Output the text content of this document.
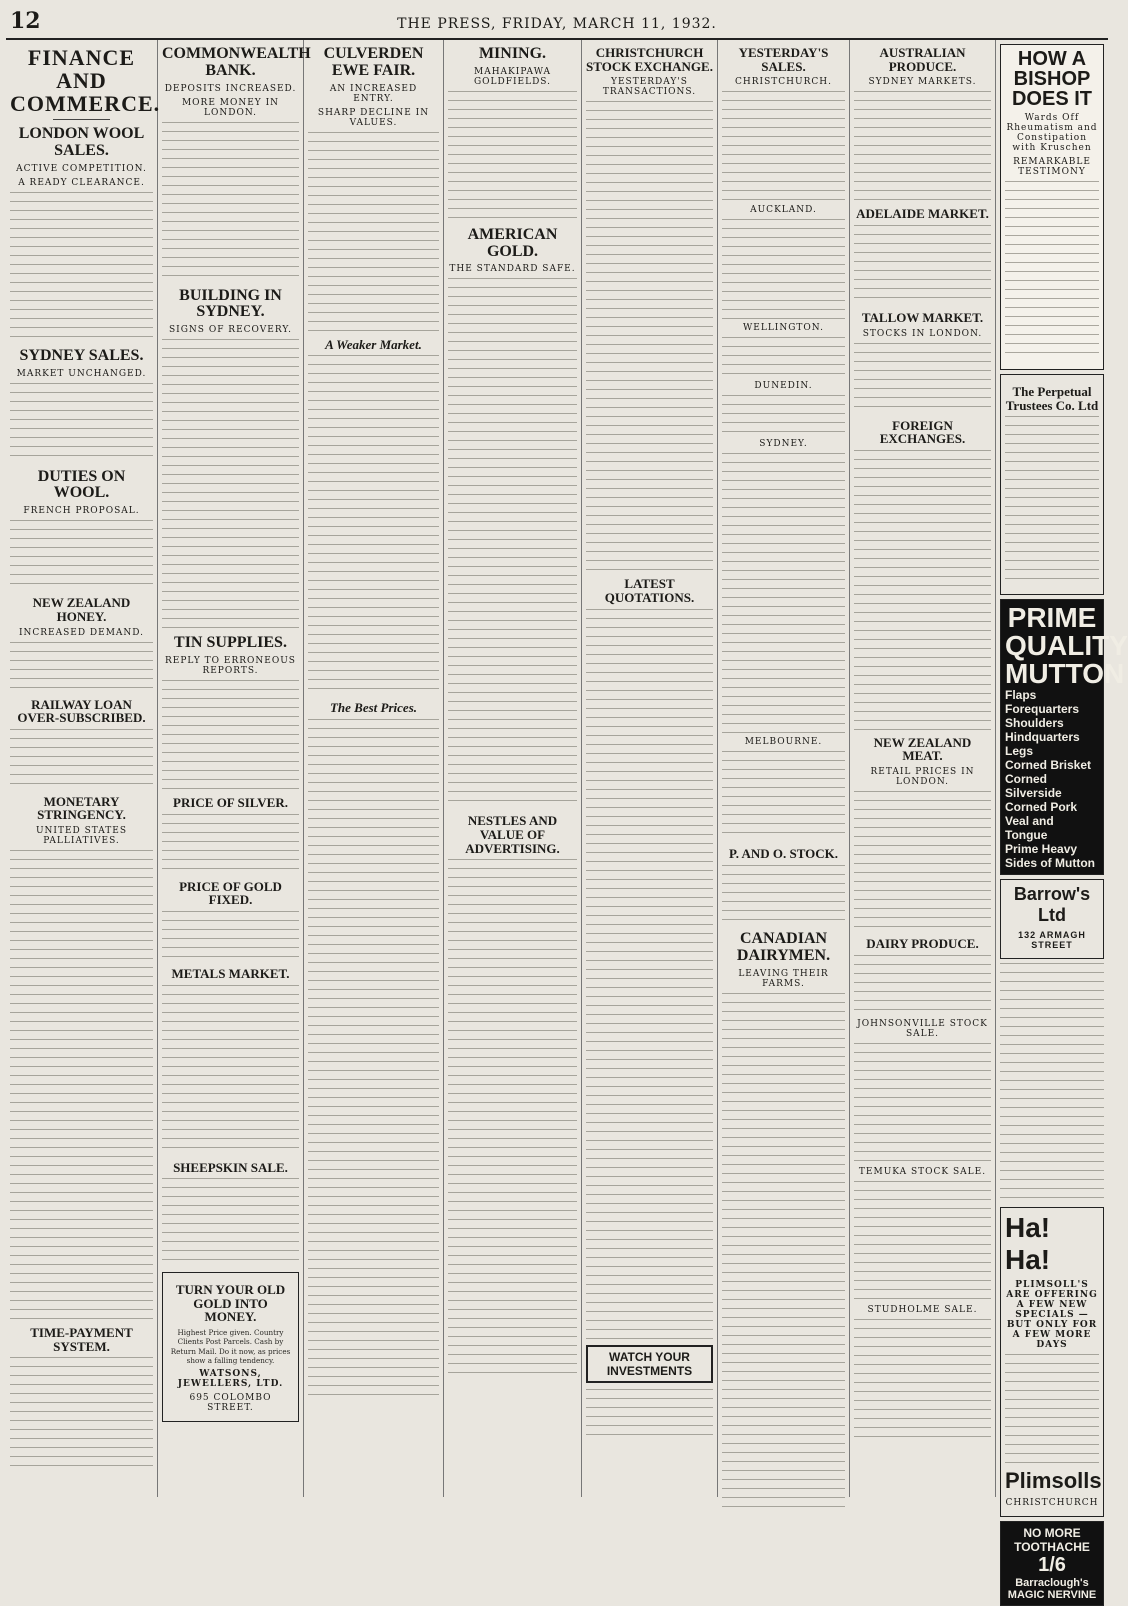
12	THE PRESS, FRIDAY, MARCH 11, 1932.
FINANCE AND COMMERCE.
LONDON WOOL SALES.
ACTIVE COMPETITION.
A READY CLEARANCE.
SYDNEY SALES.
MARKET UNCHANGED.
DUTIES ON WOOL.
FRENCH PROPOSAL.
NEW ZEALAND HONEY.
INCREASED DEMAND.
RAILWAY LOAN OVER-SUBSCRIBED.
MONETARY STRINGENCY.
UNITED STATES PALLIATIVES.
TIME-PAYMENT SYSTEM.
COMMONWEALTH BANK.
DEPOSITS INCREASED.
MORE MONEY IN LONDON.
BUILDING IN SYDNEY.
SIGNS OF RECOVERY.
TIN SUPPLIES.
REPLY TO ERRONEOUS REPORTS.
PRICE OF SILVER.
PRICE OF GOLD FIXED.
METALS MARKET.
SHEEPSKIN SALE.
TURN YOUR OLD GOLD INTO MONEY.
Highest Price given. Country Clients Post Parcels. Cash by Return Mail. Do it now, as prices show a falling tendency.
WATSONS, JEWELLERS, LTD.
695 COLOMBO STREET.
CULVERDEN EWE FAIR.
AN INCREASED ENTRY.
SHARP DECLINE IN VALUES.
A Weaker Market.
The Best Prices.
MINING.
MAHAKIPAWA GOLDFIELDS.
AMERICAN GOLD.
THE STANDARD SAFE.
NESTLES AND VALUE OF ADVERTISING.
CHRISTCHURCH STOCK EXCHANGE.
YESTERDAY'S TRANSACTIONS.
LATEST QUOTATIONS.
WATCH YOUR INVESTMENTS
YESTERDAY'S SALES.
CHRISTCHURCH.
AUCKLAND.
WELLINGTON.
DUNEDIN.
SYDNEY.
MELBOURNE.
P. AND O. STOCK.
CANADIAN DAIRYMEN.
LEAVING THEIR FARMS.
AUSTRALIAN PRODUCE.
SYDNEY MARKETS.
ADELAIDE MARKET.
TALLOW MARKET.
STOCKS IN LONDON.
FOREIGN EXCHANGES.
NEW ZEALAND MEAT.
RETAIL PRICES IN LONDON.
DAIRY PRODUCE.
JOHNSONVILLE STOCK SALE.
TEMUKA STOCK SALE.
STUDHOLME SALE.
HOW A BISHOP DOES IT
Wards Off Rheumatism and Constipation with Kruschen
REMARKABLE TESTIMONY
The Perpetual Trustees Co. Ltd
PRIME QUALITY MUTTON
Flaps
Forequarters
Shoulders
Hindquarters
Legs
Corned Brisket
Corned Silverside
Corned Pork
Veal and Tongue
Prime Heavy Sides of Mutton
Barrow's Ltd
132 ARMAGH STREET
Ha! Ha!
PLIMSOLL'S ARE OFFERING A FEW NEW SPECIALS — BUT ONLY FOR A FEW MORE DAYS
Plimsolls
CHRISTCHURCH
NO MORE TOOTHACHE
1/6
Barraclough's MAGIC NERVINE
